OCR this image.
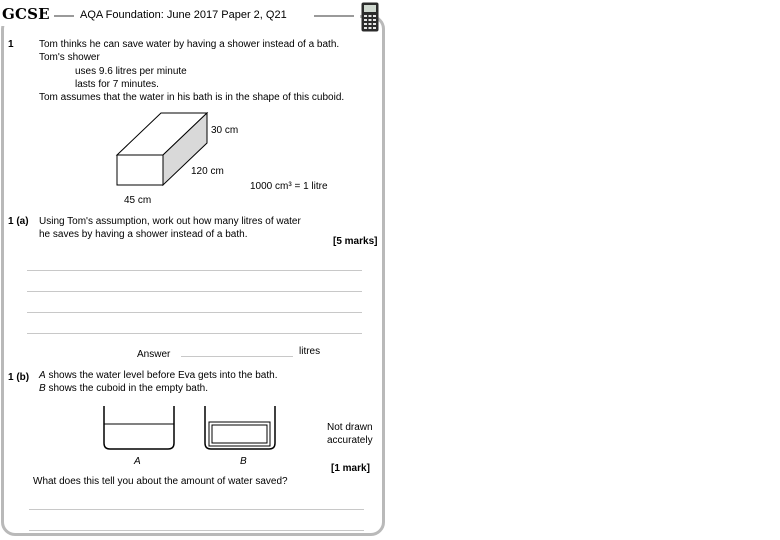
GCSE	AQA Foundation: June 2017 Paper 2, Q21
1	Tom thinks he can save water by having a shower instead of a bath.
Tom's shower
uses 9.6 litres per minute
lasts for 7 minutes.
Tom assumes that the water in his bath is in the shape of this cuboid.
30 cm
120 cm
45 cm
1000 cm³ = 1 litre
1 (a) Using Tom's assumption, work out how many litres of water
he saves by having a shower instead of a bath.
[5 marks]
Answer	litres
1 (b) A shows the water level before Eva gets into the bath.
B shows the cuboid in the empty bath.
A	B
Not drawn
accurately
[1 mark]
What does this tell you about the amount of water saved?
